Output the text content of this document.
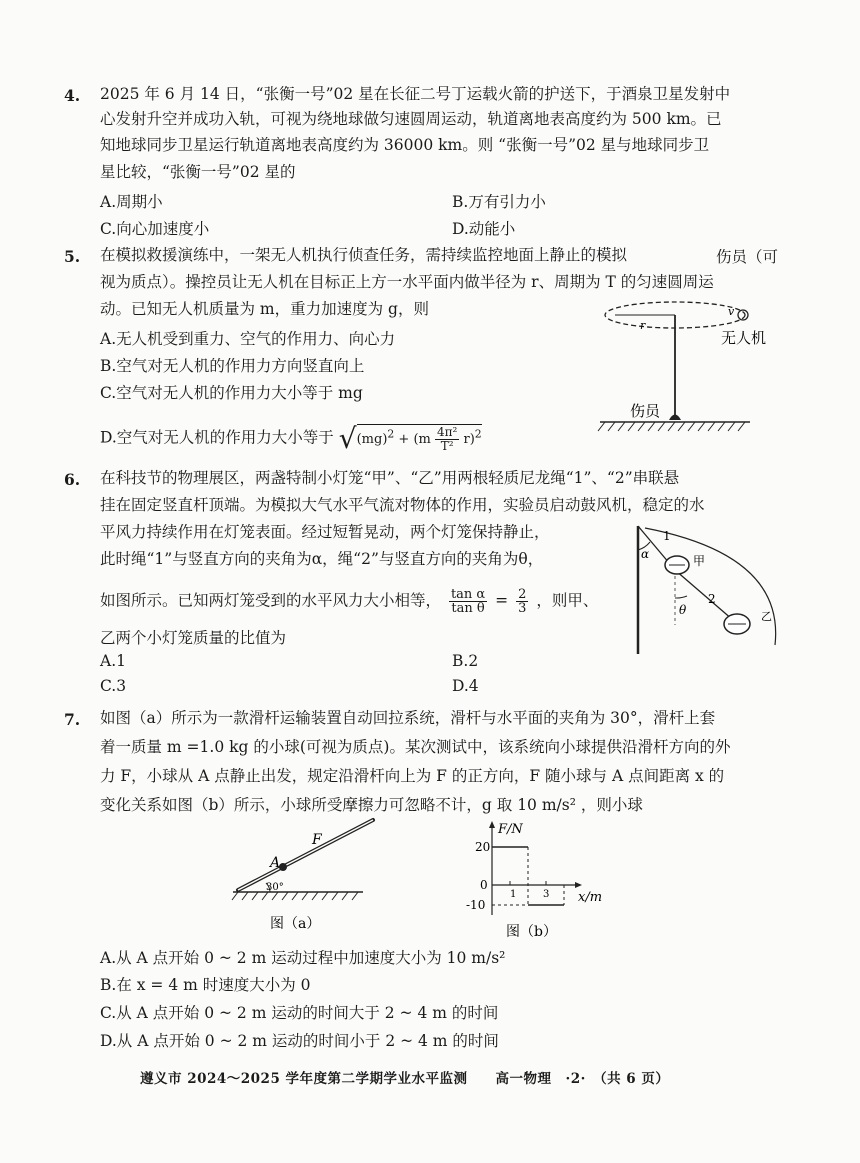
4. 2025 年 6 月 14 日，“张衡一号”02 星在长征二号丁运载火箭的护送下，于酒泉卫星发射中
心发射升空并成功入轨，可视为绕地球做匀速圆周运动，轨道离地表高度约为 500 km。已
知地球同步卫星运行轨道离地表高度约为 36000 km。则 “张衡一号”02 星与地球同步卫
星比较，“张衡一号”02 星的
A.周期小	B.万有引力小
C.向心加速度小	D.动能小
5. 在模拟救援演练中，一架无人机执行侦查任务，需持续监控地面上静止的模拟	伤员（可
视为质点）。操控员让无人机在目标正上方一水平面内做半径为 r、周期为 T 的匀速圆周运
动。已知无人机质量为 m，重力加速度为 g，则
A.无人机受到重力、空气的作用力、向心力
B.空气对无人机的作用力方向竖直向上
C.空气对无人机的作用力大小等于 mg
D.空气对无人机的作用力大小等于 $√(mg)^2 + (m \frac{\text{4π²}}{\text{T²}} r)^2$
r
v
无人机
伤员
6. 在科技节的物理展区，两盏特制小灯笼“甲”、“乙”用两根轻质尼龙绳“1”、“2”串联悬
挂在固定竖直杆顶端。为模拟大气水平气流对物体的作用，实验员启动鼓风机，稳定的水
平风力持续作用在灯笼表面。经过短暂晃动，两个灯笼保持静止，
此时绳“1”与竖直方向的夹角为α，绳“2”与竖直方向的夹角为θ，
如图所示。已知两灯笼受到的水平风力大小相等， $\frac{\text{tan α}}{\text{tan θ}} = \frac{2}{3}$ ，则甲、
乙两个小灯笼质量的比值为
A.1	B.2
C.3	D.4
1
2
甲
乙
α
θ
7. 如图（a）所示为一款滑杆运输装置自动回拉系统，滑杆与水平面的夹角为 30°，滑杆上套
着一质量 m =1.0 kg 的小球(可视为质点)。某次测试中，该系统向小球提供沿滑杆方向的外
力 F，小球从 A 点静止出发，规定沿滑杆向上为 F 的正方向，F 随小球与 A 点间距离 x 的
变化关系如图（b）所示，小球所受摩擦力可忽略不计，g 取 10 m/s² ，则小球
30°
A
F
图（a）
F/N
x/m
20
0
-10
1	3
图（b）
A.从 A 点开始 0 ~ 2 m 运动过程中加速度大小为 10 m/s²
B.在 x = 4 m 时速度大小为 0
C.从 A 点开始 0 ~ 2 m 运动的时间大于 2 ~ 4 m 的时间
D.从 A 点开始 0 ~ 2 m 运动的时间小于 2 ~ 4 m 的时间
遵义市 2024～2025 学年度第二学期学业水平监测　　高一物理　·2·　（共 6 页）
